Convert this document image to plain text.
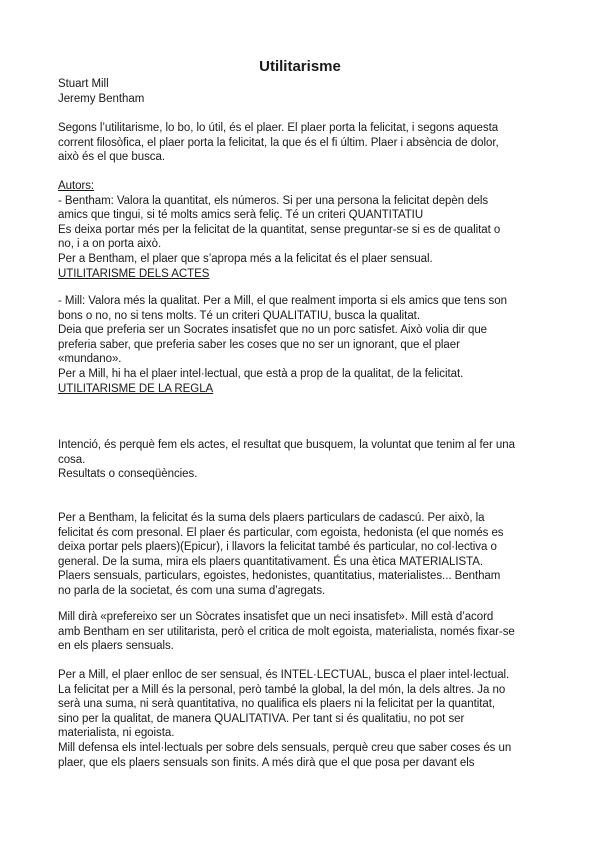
Utilitarisme
Stuart Mill
Jeremy Bentham
Segons l’utilitarisme, lo bo, lo útil, és el plaer. El plaer porta la felicitat, i segons aquesta
corrent filosòfica, el plaer porta la felicitat, la que és el fi últim. Plaer i absència de dolor,
això és el que busca.
Autors:
- Bentham: Valora la quantitat, els números. Si per una persona la felicitat depèn dels
amics que tingui, si té molts amics serà feliç. Té un criteri QUANTITATIU
Es deixa portar més per la felicitat de la quantitat, sense preguntar-se si es de qualitat o
no, i a on porta això.
Per a Bentham, el plaer que s’apropa més a la felicitat és el plaer sensual.
UTILITARISME DELS ACTES
- Mill: Valora més la qualitat. Per a Mill, el que realment importa si els amics que tens son
bons o no, no si tens molts. Té un criteri QUALITATIU, busca la qualitat.
Deia que preferia ser un Socrates insatisfet que no un porc satisfet. Això volia dir que
preferia saber, que preferia saber les coses que no ser un ignorant, que el plaer
«mundano».
Per a Mill, hi ha el plaer intel·lectual, que està a prop de la qualitat, de la felicitat.
UTILITARISME DE LA REGLA
Intenció, és perquè fem els actes, el resultat que busquem, la voluntat que tenim al fer una
cosa.
Resultats o conseqüències.
Per a Bentham, la felicitat és la suma dels plaers particulars de cadascú. Per això, la
felicitat és com presonal. El plaer és particular, com egoista, hedonista (el que només es
deixa portar pels plaers)(Epicur), i llavors la felicitat també és particular, no col·lectiva o
general. De la suma, mira els plaers quantitativament. És una ètica MATERIALISTA.
Plaers sensuals, particulars, egoistes, hedonistes, quantitatius, materialistes... Bentham
no parla de la societat, és com una suma d’agregats.
Mill dirà «prefereixo ser un Sòcrates insatisfet que un neci insatisfet». Mill està d’acord
amb Bentham en ser utilitarista, però el critica de molt egoista, materialista, només fixar-se
en els plaers sensuals.
Per a Mill, el plaer enlloc de ser sensual, és INTEL·LECTUAL, busca el plaer intel·lectual.
La felicitat per a Mill és la personal, però també la global, la del món, la dels altres. Ja no
serà una suma, ni serà quantitativa, no qualifica els plaers ni la felicitat per la quantitat,
sino per la qualitat, de manera QUALITATIVA. Per tant si és qualitatiu, no pot ser
materialista, ni egoista.
Mill defensa els intel·lectuals per sobre dels sensuals, perquè creu que saber coses és un
plaer, que els plaers sensuals son finits. A més dirà que el que posa per davant els
